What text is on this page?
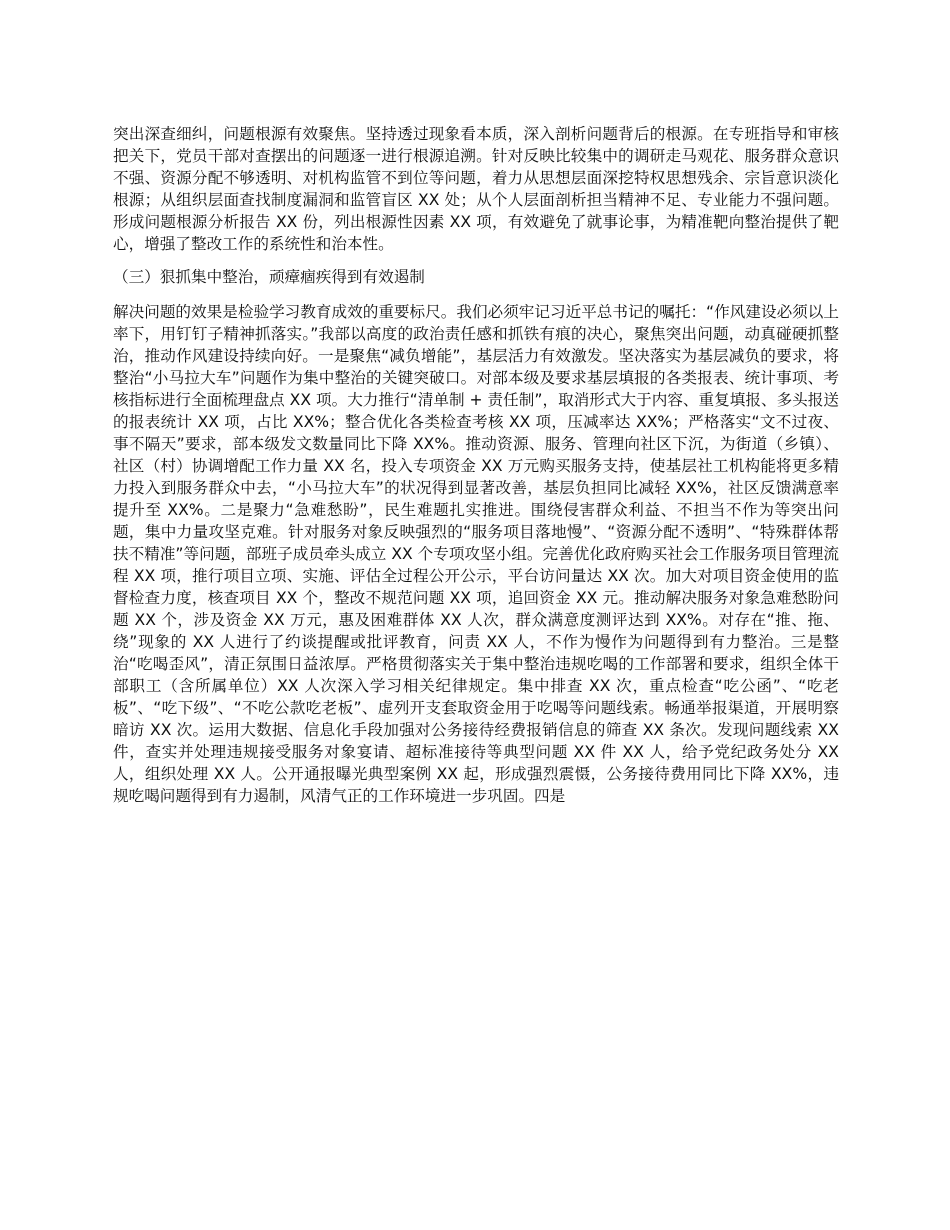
突出深查细纠，问题根源有效聚焦。坚持透过现象看本质，深入剖析问题背后的根源。在专班指导和审核把关下，党员干部对查摆出的问题逐一进行根源追溯。针对反映比较集中的调研走马观花、服务群众意识不强、资源分配不够透明、对机构监管不到位等问题，着力从思想层面深挖特权思想残余、宗旨意识淡化根源；从组织层面查找制度漏洞和监管盲区 XX 处；从个人层面剖析担当精神不足、专业能力不强问题。形成问题根源分析报告 XX 份，列出根源性因素 XX 项，有效避免了就事论事，为精准靶向整治提供了靶心，增强了整改工作的系统性和治本性。

（三）狠抓集中整治，顽瘴痼疾得到有效遏制

解决问题的效果是检验学习教育成效的重要标尺。我们必须牢记习近平总书记的嘱托：“作风建设必须以上率下，用钉钉子精神抓落实。”我部以高度的政治责任感和抓铁有痕的决心，聚焦突出问题，动真碰硬抓整治，推动作风建设持续向好。一是聚焦“减负增能”，基层活力有效激发。坚决落实为基层减负的要求，将整治“小马拉大车”问题作为集中整治的关键突破口。对部本级及要求基层填报的各类报表、统计事项、考核指标进行全面梳理盘点 XX 项。大力推行“清单制 + 责任制”，取消形式大于内容、重复填报、多头报送的报表统计 XX 项，占比 XX%；整合优化各类检查考核 XX 项，压减率达 XX%；严格落实“文不过夜、事不隔天”要求，部本级发文数量同比下降 XX%。推动资源、服务、管理向社区下沉，为街道（乡镇）、社区（村）协调增配工作力量 XX 名，投入专项资金 XX 万元购买服务支持，使基层社工机构能将更多精力投入到服务群众中去，“小马拉大车”的状况得到显著改善，基层负担同比减轻 XX%，社区反馈满意率提升至 XX%。二是聚力“急难愁盼”，民生难题扎实推进。围绕侵害群众利益、不担当不作为等突出问题，集中力量攻坚克难。针对服务对象反映强烈的“服务项目落地慢”、“资源分配不透明”、“特殊群体帮扶不精准”等问题，部班子成员牵头成立 XX 个专项攻坚小组。完善优化政府购买社会工作服务项目管理流程 XX 项，推行项目立项、实施、评估全过程公开公示，平台访问量达 XX 次。加大对项目资金使用的监督检查力度，核查项目 XX 个，整改不规范问题 XX 项，追回资金 XX 元。推动解决服务对象急难愁盼问题 XX 个，涉及资金 XX 万元，惠及困难群体 XX 人次，群众满意度测评达到 XX%。对存在“推、拖、绕”现象的 XX 人进行了约谈提醒或批评教育，问责 XX 人，不作为慢作为问题得到有力整治。三是整治“吃喝歪风”，清正氛围日益浓厚。严格贯彻落实关于集中整治违规吃喝的工作部署和要求，组织全体干部职工（含所属单位）XX 人次深入学习相关纪律规定。集中排查 XX 次，重点检查“吃公函”、“吃老板”、“吃下级”、“不吃公款吃老板”、虚列开支套取资金用于吃喝等问题线索。畅通举报渠道，开展明察暗访 XX 次。运用大数据、信息化手段加强对公务接待经费报销信息的筛查 XX 条次。发现问题线索 XX 件，查实并处理违规接受服务对象宴请、超标准接待等典型问题 XX 件 XX 人，给予党纪政务处分 XX 人，组织处理 XX 人。公开通报曝光典型案例 XX 起，形成强烈震慑，公务接待费用同比下降 XX%，违规吃喝问题得到有力遏制，风清气正的工作环境进一步巩固。四是
